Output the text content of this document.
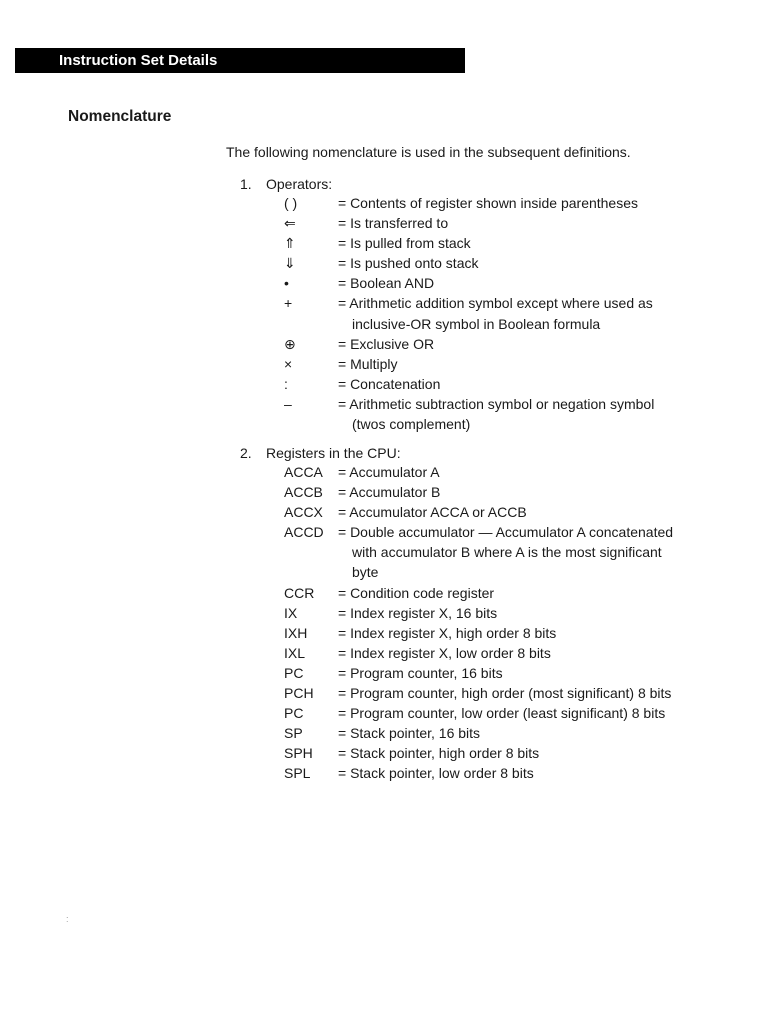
Instruction Set Details
Nomenclature
The following nomenclature is used in the subsequent definitions.
1. Operators:
( )	= Contents of register shown inside parentheses
⇐	= Is transferred to
⇑	= Is pulled from stack
⇓	= Is pushed onto stack
•	= Boolean AND
+	= Arithmetic addition symbol except where used as
inclusive-OR symbol in Boolean formula
⊕	= Exclusive OR
×	= Multiply
:	= Concatenation
–	= Arithmetic subtraction symbol or negation symbol
(twos complement)
2. Registers in the CPU:
ACCA = Accumulator A
ACCB = Accumulator B
ACCX = Accumulator ACCA or ACCB
ACCD = Double accumulator — Accumulator A concatenated
with accumulator B where A is the most significant
byte
CCR = Condition code register
IX	= Index register X, 16 bits
IXH = Index register X, high order 8 bits
IXL = Index register X, low order 8 bits
PC = Program counter, 16 bits
PCH = Program counter, high order (most significant) 8 bits
PC = Program counter, low order (least significant) 8 bits
SP	= Stack pointer, 16 bits
SPH = Stack pointer, high order 8 bits
SPL = Stack pointer, low order 8 bits
:
